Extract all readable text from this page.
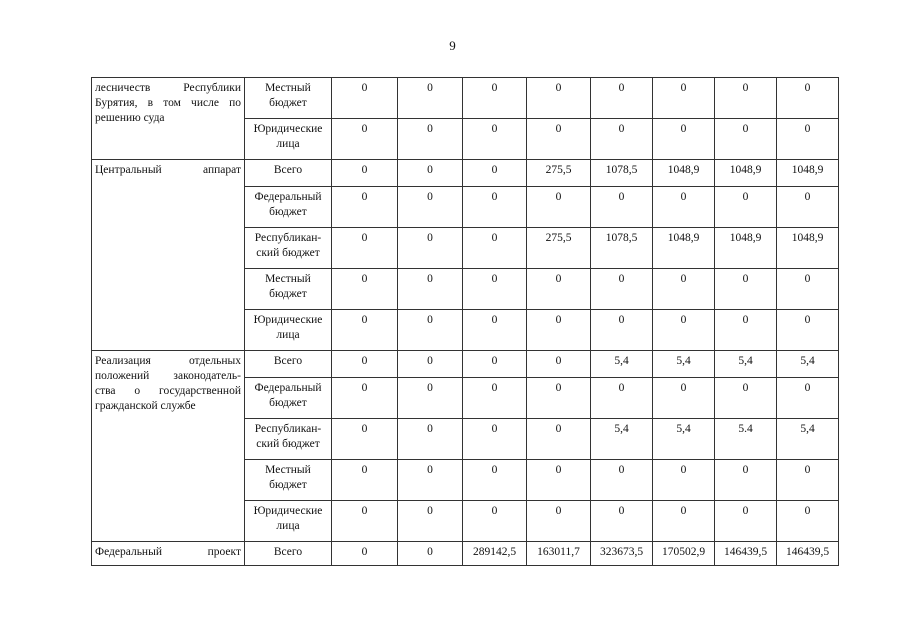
9
лесничеств Республики
Бурятия, в том числе по
решению суда	Местный бюджет	0	0	0	0	0	0	0	0
	Юридические лица	0	0	0	0	0	0	0	0

Центральный аппарат	Всего	0	0	0	275,5	1078,5	1048,9	1048,9	1048,9
	Федеральный бюджет	0	0	0	0	0	0	0	0
	Республикан-ский бюджет	0	0	0	275,5	1078,5	1048,9	1048,9	1048,9
	Местный бюджет	0	0	0	0	0	0	0	0
	Юридические лица	0	0	0	0	0	0	0	0

Реализация отдельных
положений законодатель-
ства о государственной
гражданской службе	Всего	0	0	0	0	5,4	5,4	5,4	5,4
	Федеральный бюджет	0	0	0	0	0	0	0	0
	Республикан-ский бюджет	0	0	0	0	5,4	5,4	5.4	5,4
	Местный бюджет	0	0	0	0	0	0	0	0
	Юридические лица	0	0	0	0	0	0	0	0

Федеральный проект	Всего	0	0	289142,5	163011,7	323673,5	170502,9	146439,5	146439,5
